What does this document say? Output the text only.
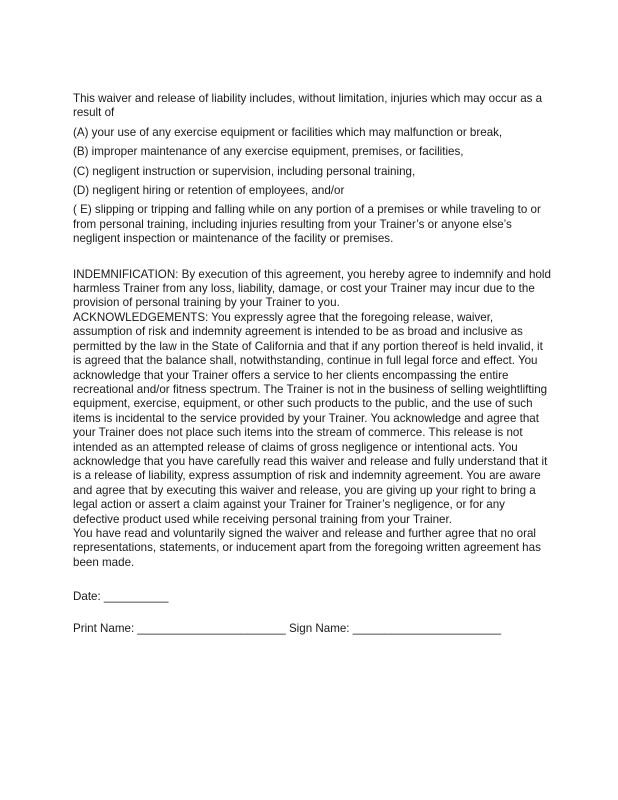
This waiver and release of liability includes, without limitation, injuries which may occur as a result of

(A) your use of any exercise equipment or facilities which may malfunction or break,

(B) improper maintenance of any exercise equipment, premises, or facilities,

(C) negligent instruction or supervision, including personal training,

(D) negligent hiring or retention of employees, and/or

( E) slipping or tripping and falling while on any portion of a premises or while traveling to or from personal training, including injuries resulting from your Trainer’s or anyone else’s negligent inspection or maintenance of the facility or premises.

INDEMNIFICATION: By execution of this agreement, you hereby agree to indemnify and hold harmless Trainer from any loss, liability, damage, or cost your Trainer may incur due to the provision of personal training by your Trainer to you.

ACKNOWLEDGEMENTS: You expressly agree that the foregoing release, waiver, assumption of risk and indemnity agreement is intended to be as broad and inclusive as permitted by the law in the State of California and that if any portion thereof is held invalid, it is agreed that the balance shall, notwithstanding, continue in full legal force and effect. You acknowledge that your Trainer offers a service to her clients encompassing the entire recreational and/or fitness spectrum. The Trainer is not in the business of selling weightlifting equipment, exercise, equipment, or other such products to the public, and the use of such items is incidental to the service provided by your Trainer. You acknowledge and agree that your Trainer does not place such items into the stream of commerce. This release is not intended as an attempted release of claims of gross negligence or intentional acts. You acknowledge that you have carefully read this waiver and release and fully understand that it is a release of liability, express assumption of risk and indemnity agreement. You are aware and agree that by executing this waiver and release, you are giving up your right to bring a legal action or assert a claim against your Trainer for Trainer’s negligence, or for any defective product used while receiving personal training from your Trainer.

You have read and voluntarily signed the waiver and release and further agree that no oral representations, statements, or inducement apart from the foregoing written agreement has been made.

Date: __________

Print Name: _______________________ Sign Name: _______________________
